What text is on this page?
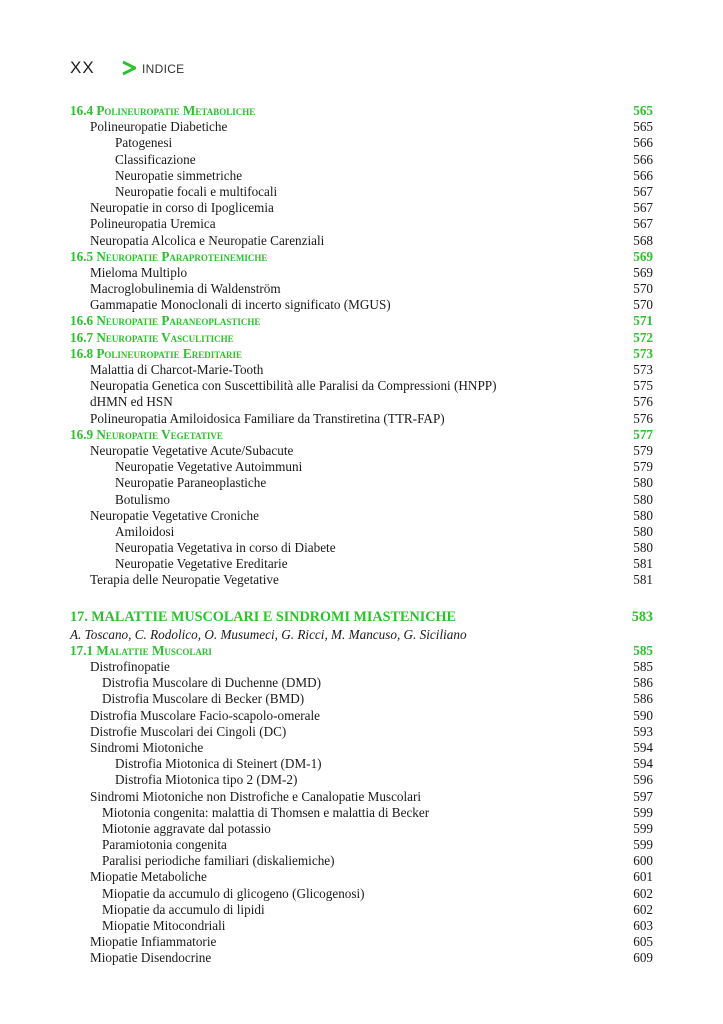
XX	INDICE
16.4 Polineuropatie Metaboliche	565
Polineuropatie Diabetiche	565
Patogenesi	566
Classificazione	566
Neuropatie simmetriche	566
Neuropatie focali e multifocali	567
Neuropatie in corso di Ipoglicemia	567
Polineuropatia Uremica	567
Neuropatia Alcolica e Neuropatie Carenziali	568
16.5 Neuropatie Paraproteinemiche	569
Mieloma Multiplo	569
Macroglobulinemia di Waldenström	570
Gammapatie Monoclonali di incerto significato (MGUS)	570
16.6 Neuropatie Paraneoplastiche	571
16.7 Neuropatie Vasculitiche	572
16.8 Polineuropatie Ereditarie	573
Malattia di Charcot-Marie-Tooth	573
Neuropatia Genetica con Suscettibilità alle Paralisi da Compressioni (HNPP)	575
dHMN ed HSN	576
Polineuropatia Amiloidosica Familiare da Transtiretina (TTR-FAP)	576
16.9 Neuropatie Vegetative	577
Neuropatie Vegetative Acute/Subacute	579
Neuropatie Vegetative Autoimmuni	579
Neuropatie Paraneoplastiche	580
Botulismo	580
Neuropatie Vegetative Croniche	580
Amiloidosi	580
Neuropatia Vegetativa in corso di Diabete	580
Neuropatie Vegetative Ereditarie	581
Terapia delle Neuropatie Vegetative	581
17. MALATTIE MUSCOLARI E SINDROMI MIASTENICHE	583
A. Toscano, C. Rodolico, O. Musumeci, G. Ricci, M. Mancuso, G. Siciliano
17.1 Malattie Muscolari	585
Distrofinopatie	585
Distrofia Muscolare di Duchenne (DMD)	586
Distrofia Muscolare di Becker (BMD)	586
Distrofia Muscolare Facio-scapolo-omerale	590
Distrofie Muscolari dei Cingoli (DC)	593
Sindromi Miotoniche	594
Distrofia Miotonica di Steinert (DM-1)	594
Distrofia Miotonica tipo 2 (DM-2)	596
Sindromi Miotoniche non Distrofiche e Canalopatie Muscolari	597
Miotonia congenita: malattia di Thomsen e malattia di Becker	599
Miotonie aggravate dal potassio	599
Paramiotonia congenita	599
Paralisi periodiche familiari (diskaliemiche)	600
Miopatie Metaboliche	601
Miopatie da accumulo di glicogeno (Glicogenosi)	602
Miopatie da accumulo di lipidi	602
Miopatie Mitocondriali	603
Miopatie Infiammatorie	605
Miopatie Disendocrine	609
